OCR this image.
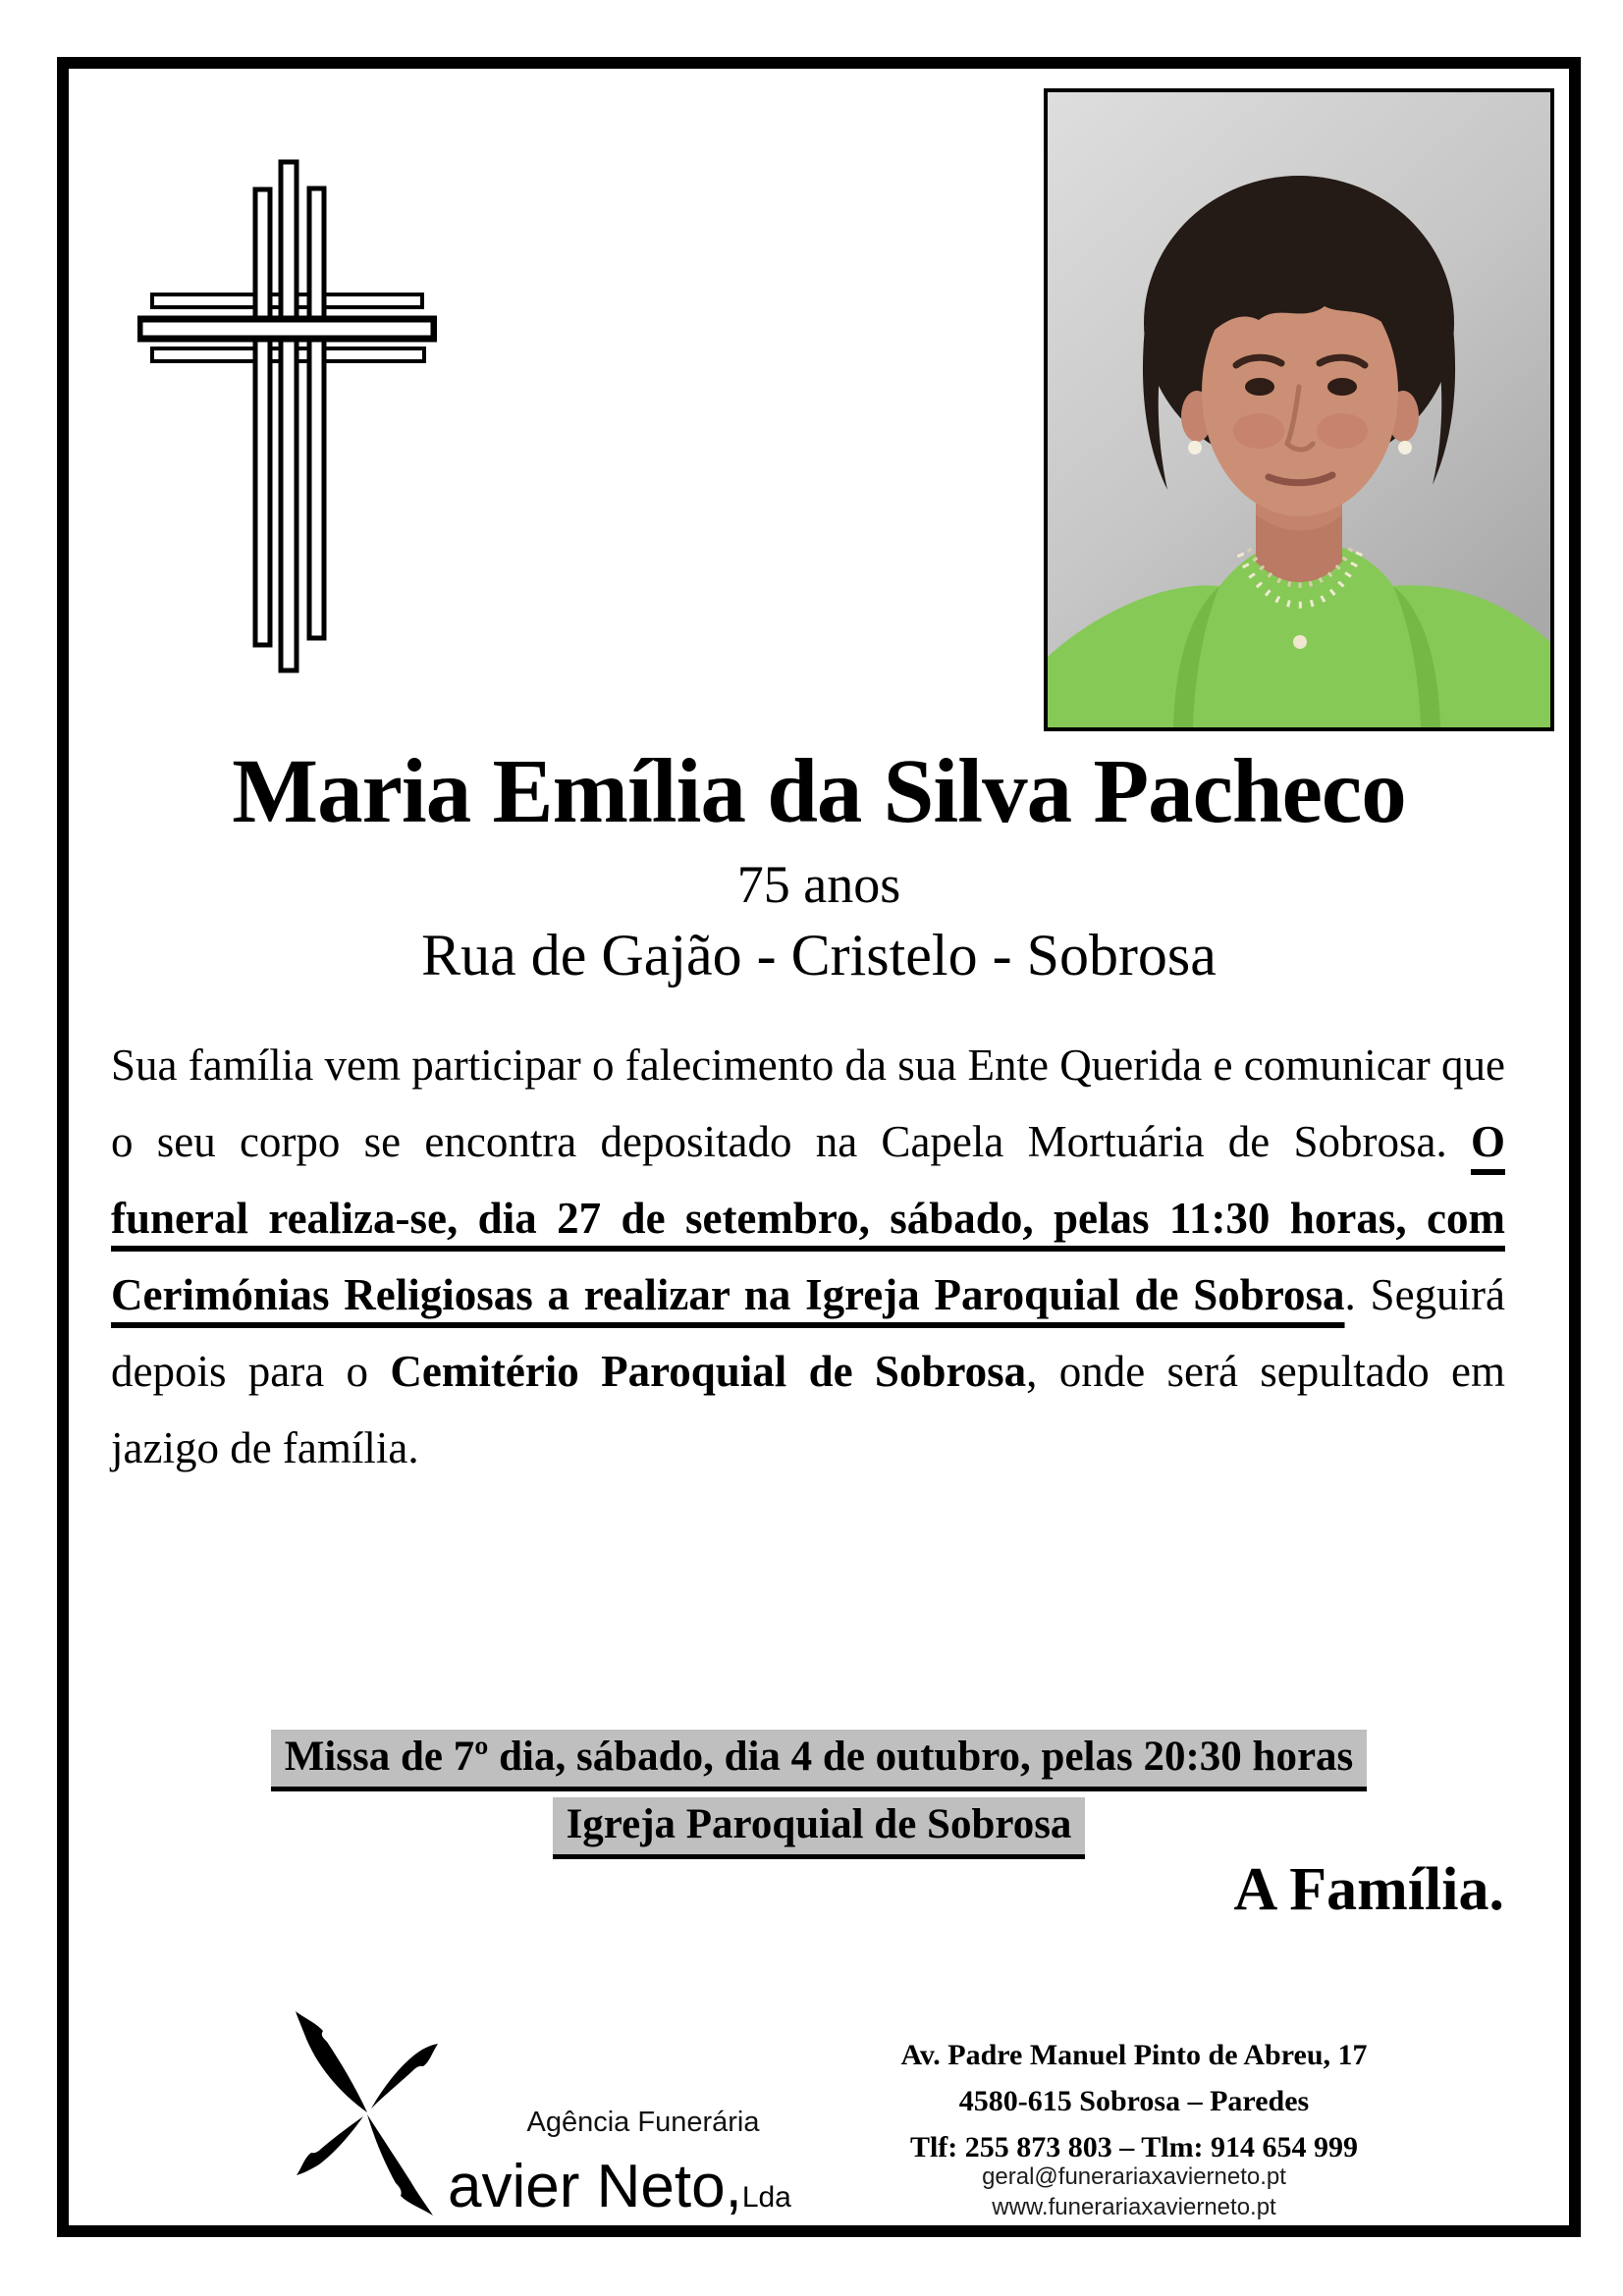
Maria Emília da Silva Pacheco
75 anos
Rua de Gajão - Cristelo - Sobrosa
Sua família vem participar o falecimento da sua Ente Querida e comunicar que o seu corpo se encontra depositado na Capela Mortuária de Sobrosa. O funeral realiza-se, dia 27 de setembro, sábado, pelas 11:30 horas, com Cerimónias Religiosas a realizar na Igreja Paroquial de Sobrosa. Seguirá depois para o Cemitério Paroquial de Sobrosa, onde será sepultado em jazigo de família.
Missa de 7º dia, sábado, dia 4 de outubro, pelas 20:30 horas
Igreja Paroquial de Sobrosa
A Família.
Agência Funerária
avier Neto,Lda
Av. Padre Manuel Pinto de Abreu, 17
4580-615 Sobrosa – Paredes
Tlf: 255 873 803 – Tlm: 914 654 999
geral@funerariaxavierneto.pt
www.funerariaxavierneto.pt
